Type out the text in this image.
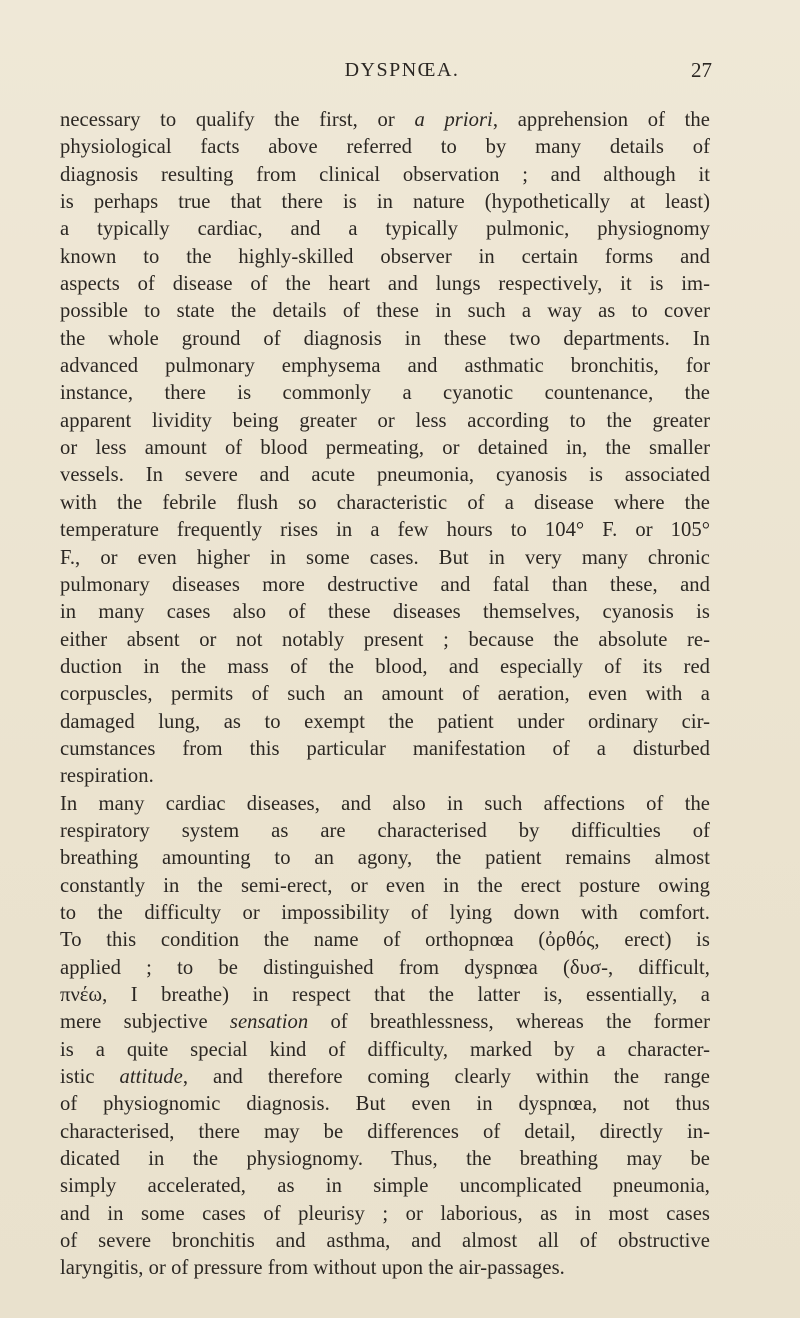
DYSPNŒA.	27
necessary to qualify the first, or a priori, apprehension of the
physiological facts above referred to by many details of
diagnosis resulting from clinical observation ; and although it
is perhaps true that there is in nature (hypothetically at least)
a typically cardiac, and a typically pulmonic, physiognomy
known to the highly-skilled observer in certain forms and
aspects of disease of the heart and lungs respectively, it is im-
possible to state the details of these in such a way as to cover
the whole ground of diagnosis in these two departments. In
advanced pulmonary emphysema and asthmatic bronchitis, for
instance, there is commonly a cyanotic countenance, the
apparent lividity being greater or less according to the greater
or less amount of blood permeating, or detained in, the smaller
vessels. In severe and acute pneumonia, cyanosis is associated
with the febrile flush so characteristic of a disease where the
temperature frequently rises in a few hours to 104° F. or 105°
F., or even higher in some cases. But in very many chronic
pulmonary diseases more destructive and fatal than these, and
in many cases also of these diseases themselves, cyanosis is
either absent or not notably present ; because the absolute re-
duction in the mass of the blood, and especially of its red
corpuscles, permits of such an amount of aeration, even with a
damaged lung, as to exempt the patient under ordinary cir-
cumstances from this particular manifestation of a disturbed
respiration.
In many cardiac diseases, and also in such affections of the
respiratory system as are characterised by difficulties of
breathing amounting to an agony, the patient remains almost
constantly in the semi-erect, or even in the erect posture owing
to the difficulty or impossibility of lying down with comfort.
To this condition the name of orthopnœa (ὀρθός, erect) is
applied ; to be distinguished from dyspnœa (δυσ-, difficult,
πνέω, I breathe) in respect that the latter is, essentially, a
mere subjective sensation of breathlessness, whereas the former
is a quite special kind of difficulty, marked by a character-
istic attitude, and therefore coming clearly within the range
of physiognomic diagnosis. But even in dyspnœa, not thus
characterised, there may be differences of detail, directly in-
dicated in the physiognomy. Thus, the breathing may be
simply accelerated, as in simple uncomplicated pneumonia,
and in some cases of pleurisy ; or laborious, as in most cases
of severe bronchitis and asthma, and almost all of obstructive
laryngitis, or of pressure from without upon the air-passages.
